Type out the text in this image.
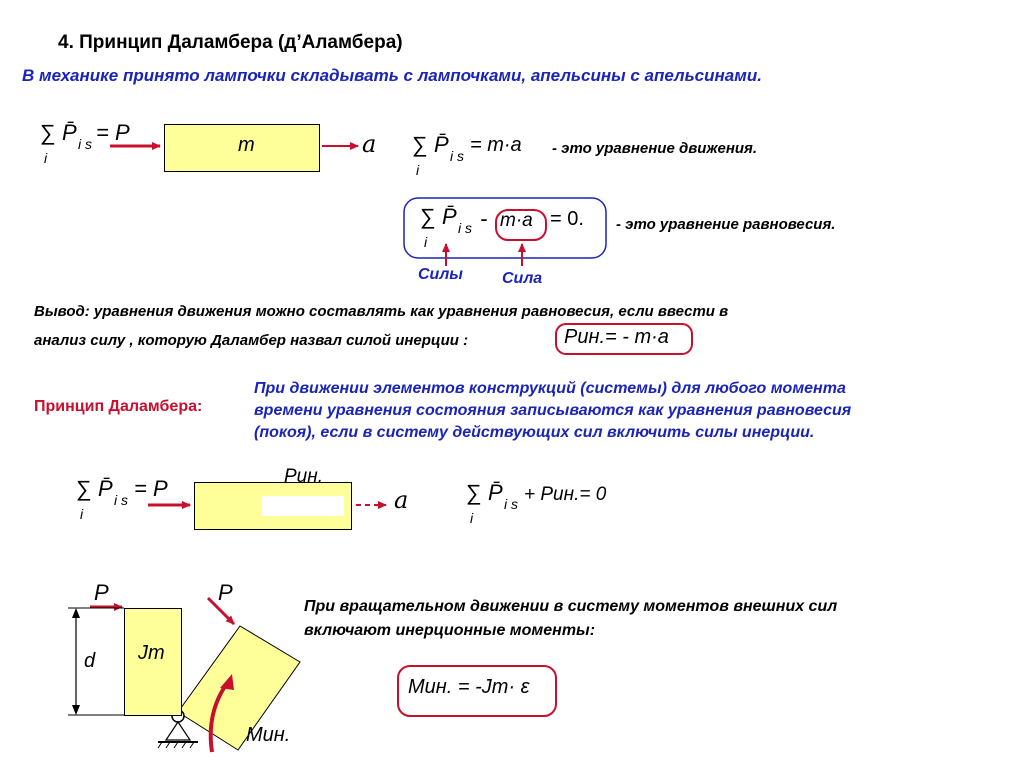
4. Принцип Даламбера (д’Аламбера)
В механике принято лампочки складывать с лампочками, апельсины с апельсинами.
∑
i
P̄ i s = P	m	a ∑
i
P̄ i s = m·a - это уравнение движения.
∑
i
P̄ i s - m·a = 0. - это уравнение равновесия.
Силы Сила
Вывод: уравнения движения можно составлять как уравнения равновесия, если ввести в
анализ силу , которую Даламбер назвал силой инерции :	Pин.= - m·a
Принцип Даламбера:
При движении элементов конструкций (системы) для любого момента
времени уравнения состояния записываются как уравнения равновесия
(покоя), если в систему действующих сил включить силы инерции.
∑
i
P̄ i s = P	Pин.
a	∑
i
P̄ i s + Pин.= 0
P
Jm
d
P
Mин.
При вращательном движении в систему моментов внешних сил
включают инерционные моменты:
Mин. = -Jm· ε
